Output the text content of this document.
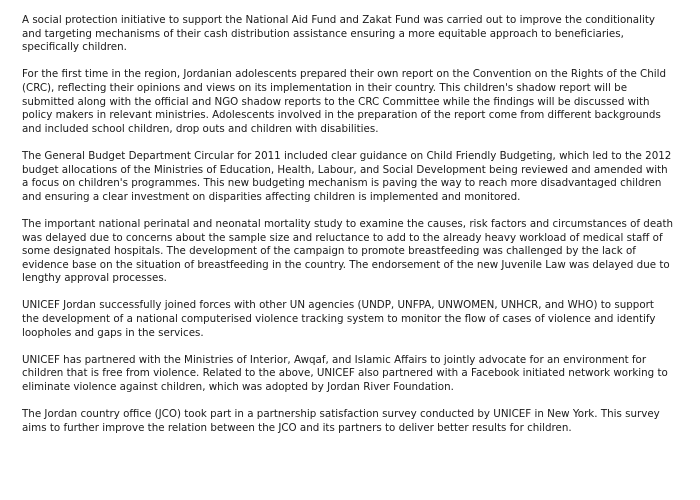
A social protection initiative to support the National Aid Fund and Zakat Fund was carried out to improve the conditionality and targeting mechanisms of their cash distribution assistance ensuring a more equitable approach to beneficiaries, specifically children.

For the first time in the region, Jordanian adolescents prepared their own report on the Convention on the Rights of the Child (CRC), reflecting their opinions and views on its implementation in their country. This children's shadow report will be submitted along with the official and NGO shadow reports to the CRC Committee while the findings will be discussed with policy makers in relevant ministries. Adolescents involved in the preparation of the report come from different backgrounds and included school children, drop outs and children with disabilities.

The General Budget Department Circular for 2011 included clear guidance on Child Friendly Budgeting, which led to the 2012 budget allocations of the Ministries of Education, Health, Labour, and Social Development being reviewed and amended with a focus on children's programmes. This new budgeting mechanism is paving the way to reach more disadvantaged children and ensuring a clear investment on disparities affecting children is implemented and monitored.

The important national perinatal and neonatal mortality study to examine the causes, risk factors and circumstances of death was delayed due to concerns about the sample size and reluctance to add to the already heavy workload of medical staff of some designated hospitals. The development of the campaign to promote breastfeeding was challenged by the lack of evidence base on the situation of breastfeeding in the country. The endorsement of the new Juvenile Law was delayed due to lengthy approval processes.

UNICEF Jordan successfully joined forces with other UN agencies (UNDP, UNFPA, UNWOMEN, UNHCR, and WHO) to support the development of a national computerised violence tracking system to monitor the flow of cases of violence and identify loopholes and gaps in the services.

UNICEF has partnered with the Ministries of Interior, Awqaf, and Islamic Affairs to jointly advocate for an environment for children that is free from violence. Related to the above, UNICEF also partnered with a Facebook initiated network working to eliminate violence against children, which was adopted by Jordan River Foundation.

The Jordan country office (JCO) took part in a partnership satisfaction survey conducted by UNICEF in New York. This survey aims to further improve the relation between the JCO and its partners to deliver better results for children.
